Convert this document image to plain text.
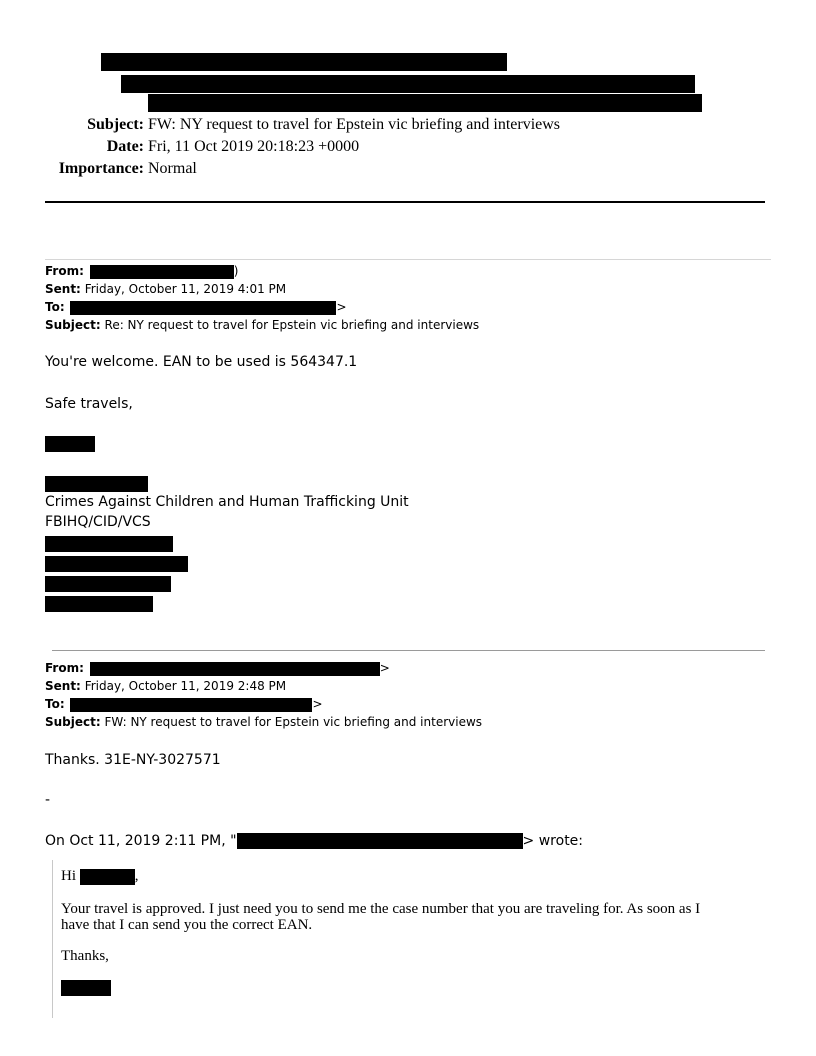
Subject: FW: NY request to travel for Epstein vic briefing and interviews
Date: Fri, 11 Oct 2019 20:18:23 +0000
Importance: Normal
From:	)
Sent: Friday, October 11, 2019 4:01 PM
To:	>
Subject: Re: NY request to travel for Epstein vic briefing and interviews
You're welcome. EAN to be used is 564347.1
Safe travels,
Crimes Against Children and Human Trafficking Unit
FBIHQ/CID/VCS
From:	>
Sent: Friday, October 11, 2019 2:48 PM
To:	>
Subject: FW: NY request to travel for Epstein vic briefing and interviews
Thanks. 31E-NY-3027571
-
On Oct 11, 2019 2:11 PM, "	> wrote:
Hi	,
Your travel is approved. I just need you to send me the case number that you are traveling for. As soon as I
have that I can send you the correct EAN.
Thanks,
